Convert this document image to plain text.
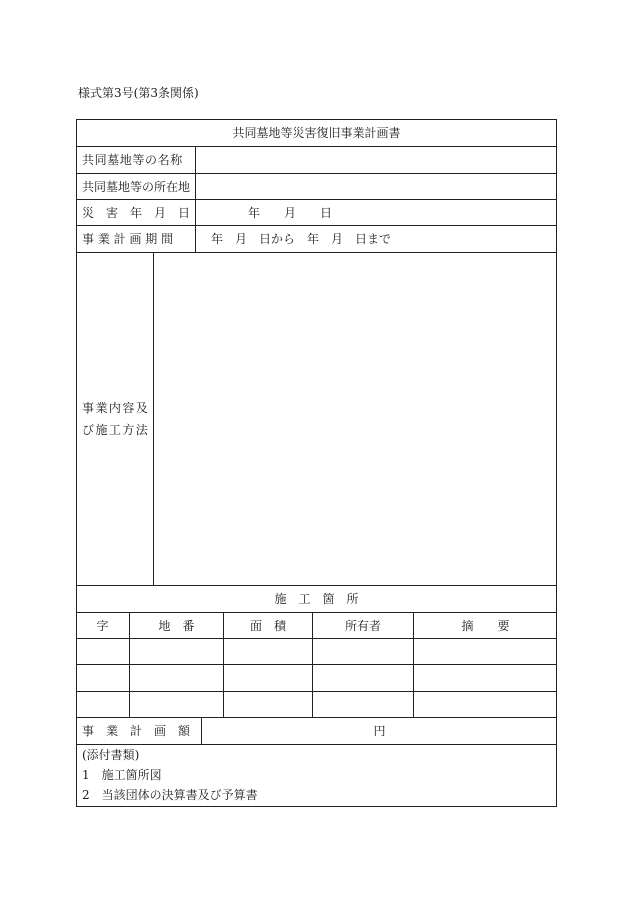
様式第3号(第3条関係)
共同墓地等災害復旧事業計画書
共同墓地等の名称
共同墓地等の所在地
災　害　年　月　日	年　　月　　日
事 業 計 画 期 間	年　月　日から　年　月　日まで
事業内容及び施工方法
施　工　箇　所
字	地　番	面　積	所有者	摘　　要
事　業　計　画　額	円
(添付書類)
1　施工箇所図
2　当該団体の決算書及び予算書
